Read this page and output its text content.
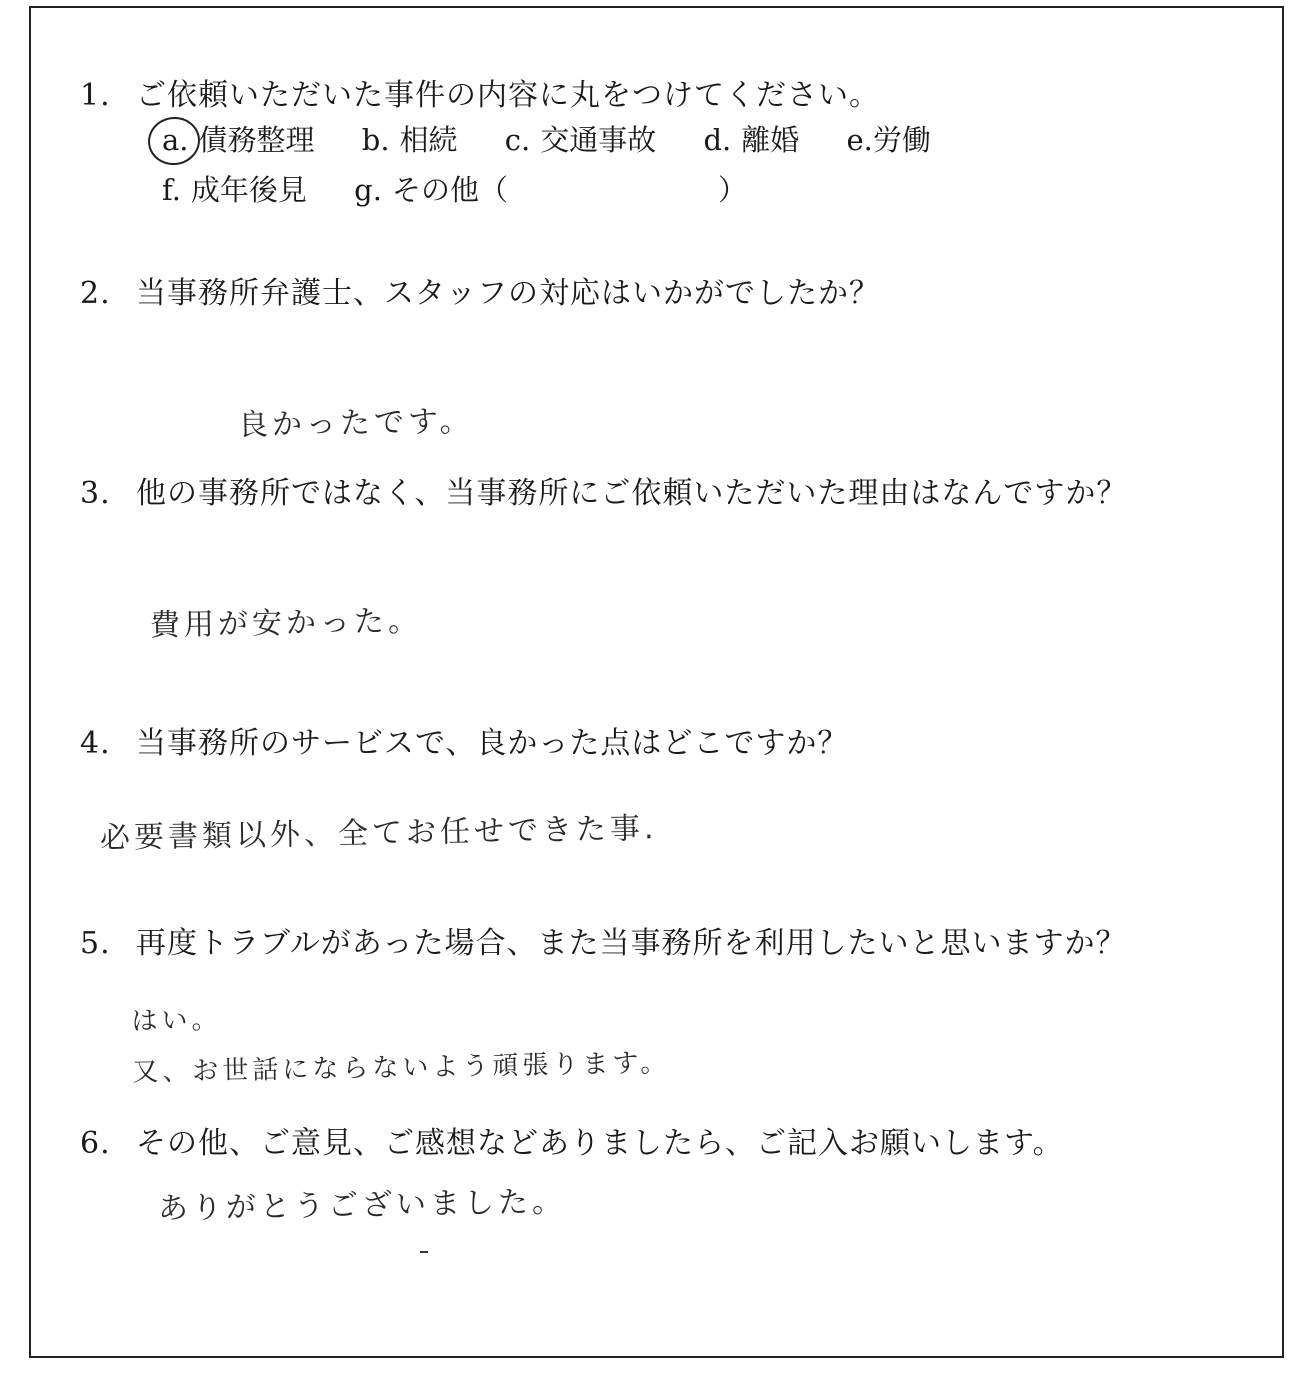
1. ご依頼いただいた事件の内容に丸をつけてください。
a. 債務整理 b. 相続 c. 交通事故 d. 離婚 e.労働
f. 成年後見 g. その他（	）
2. 当事務所弁護士、スタッフの対応はいかがでしたか？
良かったです。
3. 他の事務所ではなく、当事務所にご依頼いただいた理由はなんですか？
費用が安かった。
4. 当事務所のサービスで、良かった点はどこですか？
必要書類以外、全てお任せできた事.
5. 再度トラブルがあった場合、また当事務所を利用したいと思いますか？
はい。
又、お世話にならないよう頑張ります。
6. その他、ご意見、ご感想などありましたら、ご記入お願いします。
ありがとうございました。
